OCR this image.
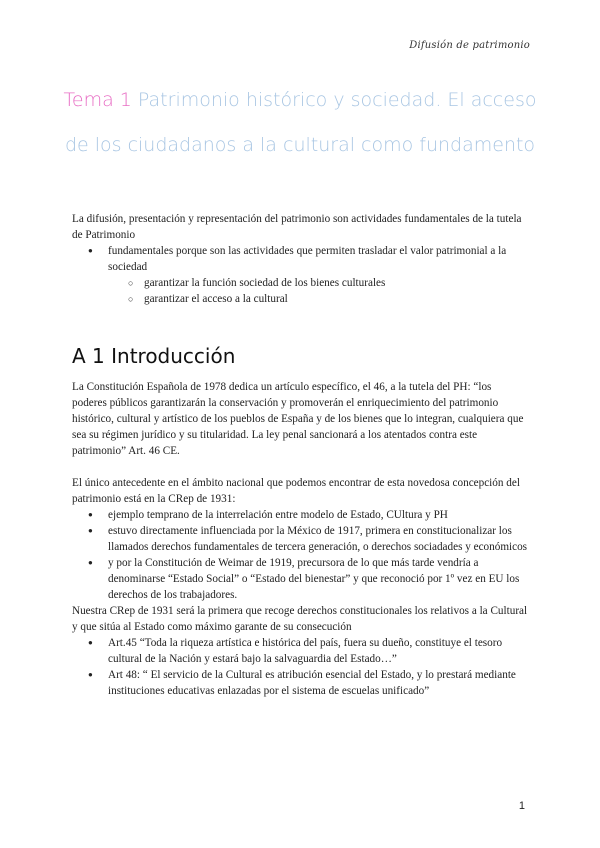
Difusión de patrimonio
Tema 1 Patrimonio histórico y sociedad. El acceso de los ciudadanos a la cultural como fundamento
La difusión, presentación y representación del patrimonio son actividades fundamentales de la tutela de Patrimonio
● fundamentales porque son las actividades que permiten trasladar el valor patrimonial a la sociedad
○ garantizar la función sociedad de los bienes culturales
○ garantizar el acceso a la cultural
A 1 Introducción
La Constitución Española de 1978 dedica un artículo específico, el 46, a la tutela del PH: “los poderes públicos garantizarán la conservación y promoverán el enriquecimiento del patrimonio histórico, cultural y artístico de los pueblos de España y de los bienes que lo integran, cualquiera que sea su régimen jurídico y su titularidad. La ley penal sancionará a los atentados contra este patrimonio” Art. 46 CE.
El único antecedente en el ámbito nacional que podemos encontrar de esta novedosa concepción del patrimonio está en la CRep de 1931:
● ejemplo temprano de la interrelación entre modelo de Estado, CUltura y PH
● estuvo directamente influenciada por la México de 1917, primera en constitucionalizar los llamados derechos fundamentales de tercera generación, o derechos sociadades y económicos
● y por la Constitución de Weimar de 1919, precursora de lo que más tarde vendría a denominarse “Estado Social” o “Estado del bienestar” y que reconoció por 1º vez en EU los derechos de los trabajadores.
Nuestra CRep de 1931 será la primera que recoge derechos constitucionales los relativos a la Cultural y que sitúa al Estado como máximo garante de su consecución
● Art.45 “Toda la riqueza artística e histórica del país, fuera su dueño, constituye el tesoro cultural de la Nación y estará bajo la salvaguardia del Estado…”
● Art 48: “ El servicio de la Cultural es atribución esencial del Estado, y lo prestará mediante instituciones educativas enlazadas por el sistema de escuelas unificado”
1
